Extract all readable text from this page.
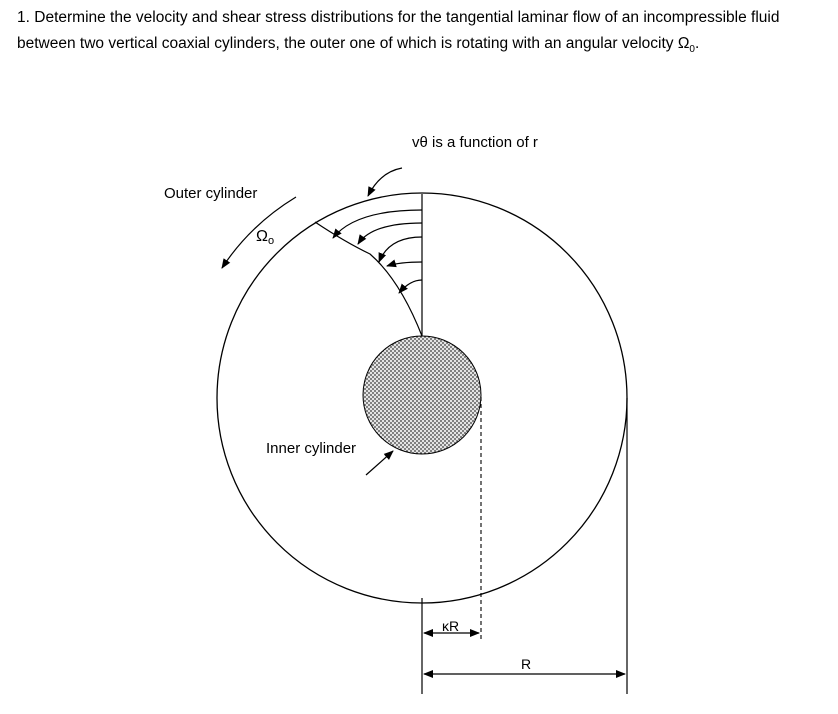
1. Determine the velocity and shear stress distributions for the tangential laminar flow of an incompressible fluid between two vertical coaxial cylinders, the outer one of which is rotating with an angular velocity $\Omega_0$.
vθ is a function of r
Outer cylinder
Ωo
Inner cylinder
κR
R
